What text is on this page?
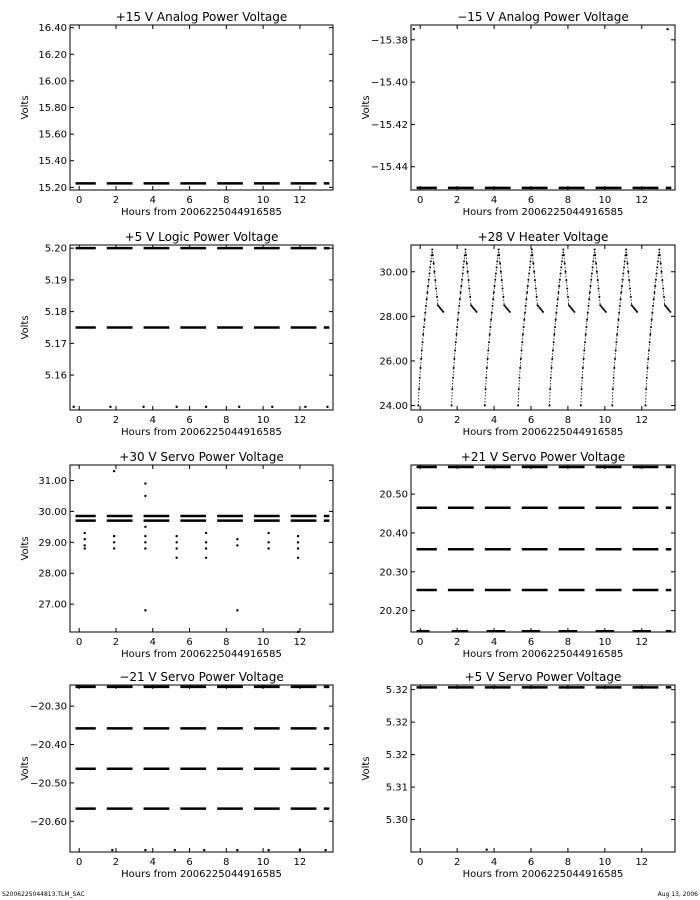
+15 V Analog Power Voltage
0	2	4	6	8	10 12
Hours from 2006225044916585
15.20
15.40
15.60
15.80
16.00
16.20
16.40
Volts
−15 V Analog Power Voltage
0	2	4	6	8	10 12
Hours from 2006225044916585
−15.38
−15.40
−15.42
−15.44
Volts
+5 V Logic Power Voltage
0	2	4	6	8	10 12
Hours from 2006225044916585
5.16
5.17
5.18
5.19
5.20
Volts
+28 V Heater Voltage
0	2	4	6	8	10 12
Hours from 2006225044916585
24.00
26.00
28.00
30.00
+30 V Servo Power Voltage
0	2	4	6	8	10 12
Hours from 2006225044916585
27.00
28.00
29.00
30.00
31.00
Volts
+21 V Servo Power Voltage
0	2	4	6	8	10 12
Hours from 2006225044916585
20.20
20.30
20.40
20.50
−21 V Servo Power Voltage
0	2	4	6	8	10 12
Hours from 2006225044916585
−20.30
−20.40
−20.50
−20.60
Volts
+5 V Servo Power Voltage
0	2	4	6	8	10 12
Hours from 2006225044916585
5.30
5.31
5.32
5.32
5.32
Volts
S2006225044813.TLM_SAC	Aug 13, 2006
